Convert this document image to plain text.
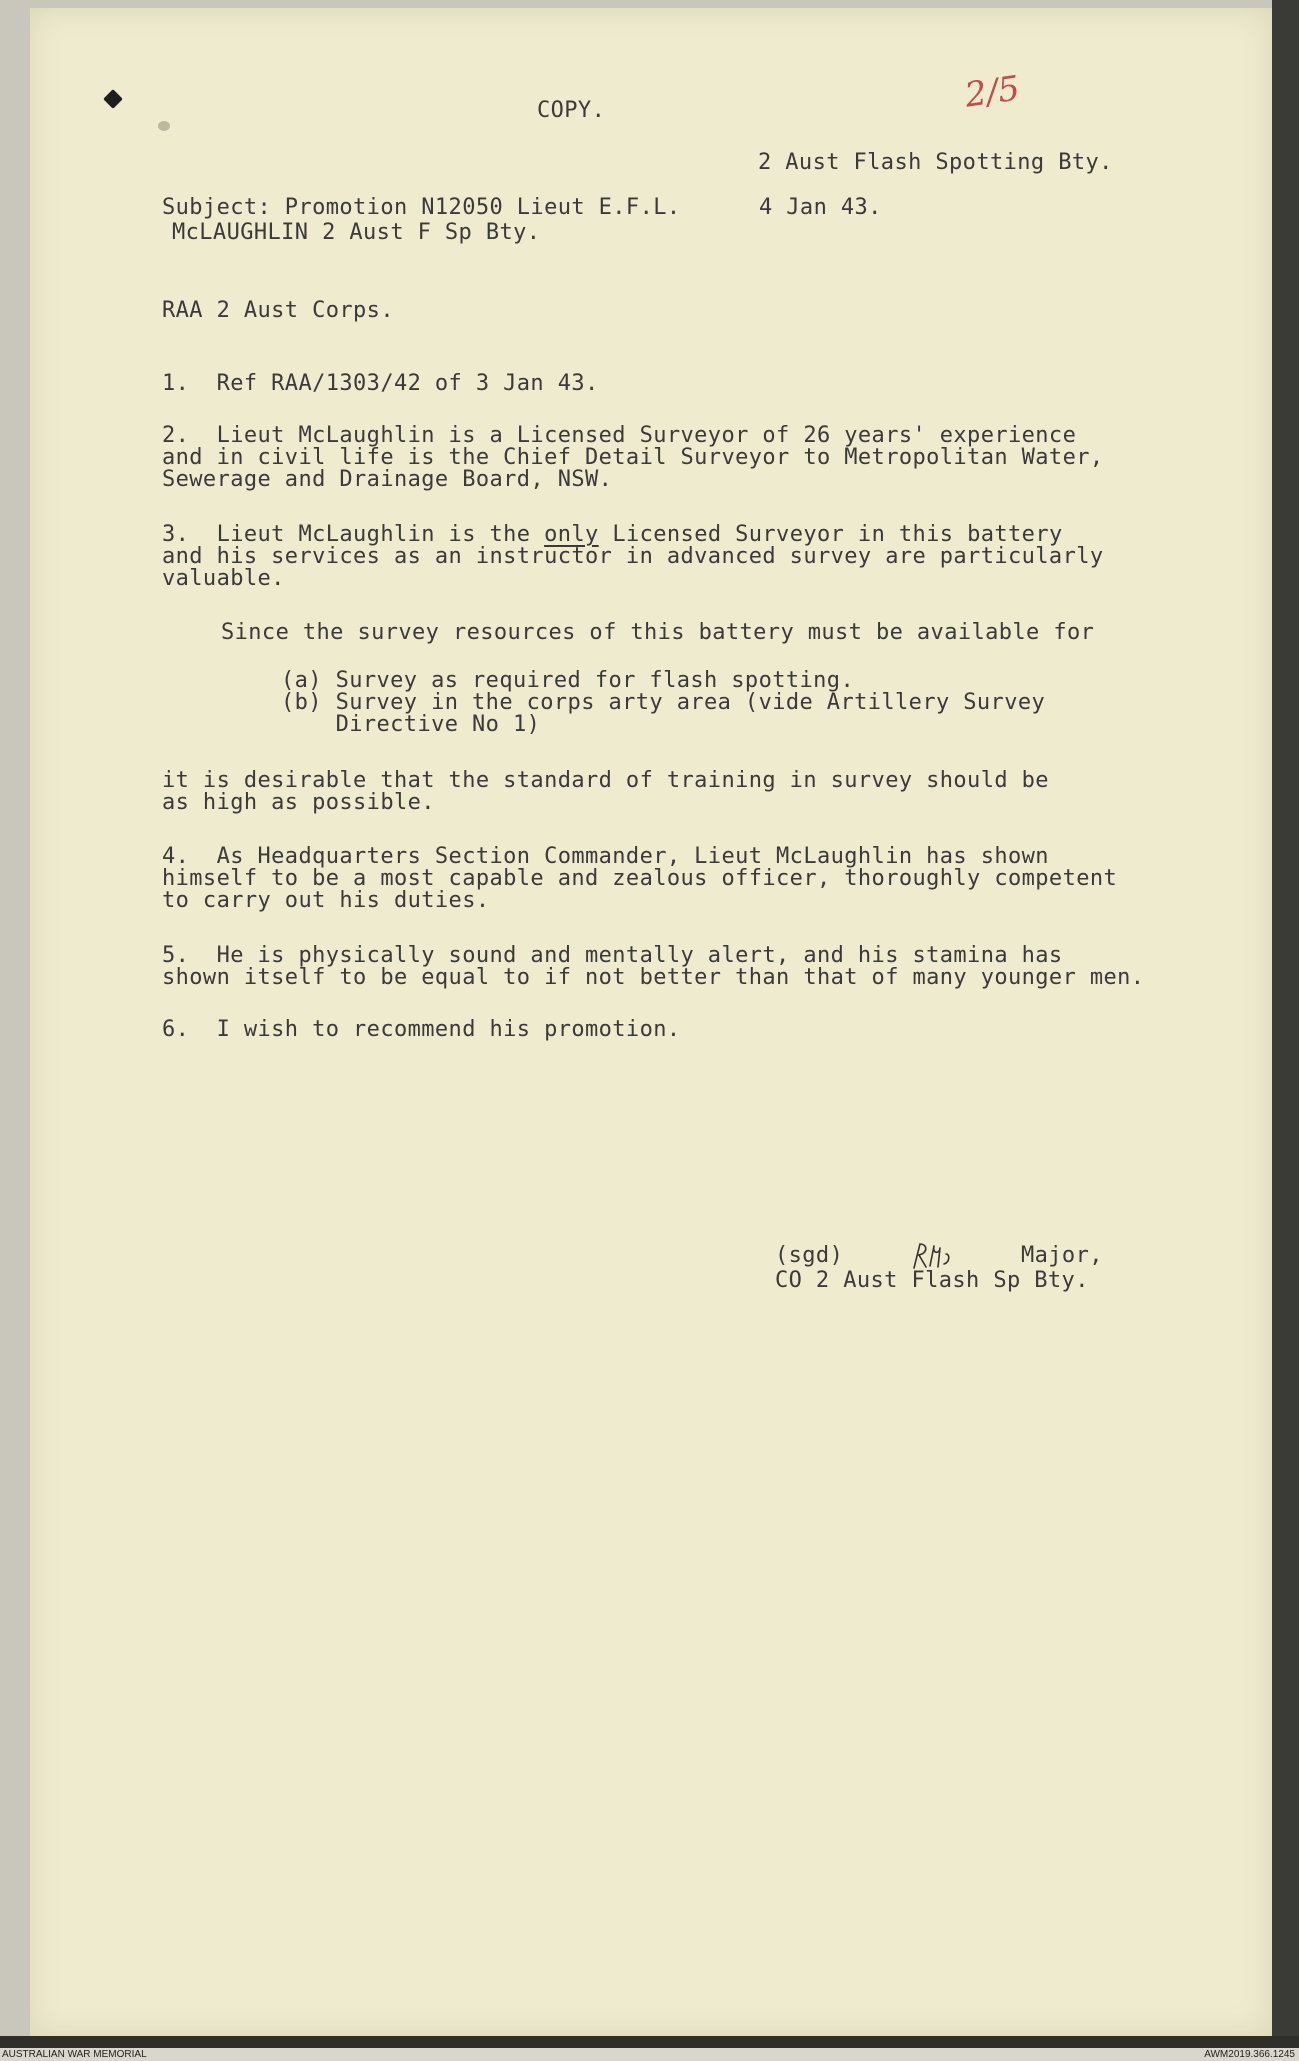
2/5
COPY.
2 Aust Flash Spotting Bty.
Subject: Promotion N12050 Lieut E.F.L.	4 Jan 43.
McLAUGHLIN 2 Aust F Sp Bty.
RAA 2 Aust Corps.
1.  Ref RAA/1303/42 of 3 Jan 43.
2.  Lieut McLaughlin is a Licensed Surveyor of 26 years' experience
and in civil life is the Chief Detail Surveyor to Metropolitan Water,
Sewerage and Drainage Board, NSW.
3.  Lieut McLaughlin is the only Licensed Surveyor in this battery
and his services as an instructor in advanced survey are particularly
valuable.
Since the survey resources of this battery must be available for
(a) Survey as required for flash spotting.
(b) Survey in the corps arty area (vide Artillery Survey
Directive No 1)
it is desirable that the standard of training in survey should be
as high as possible.
4.  As Headquarters Section Commander, Lieut McLaughlin has shown
himself to be a most capable and zealous officer, thoroughly competent
to carry out his duties.
5.  He is physically sound and mentally alert, and his stamina has
shown itself to be equal to if not better than that of many younger men.
6.  I wish to recommend his promotion.
(sgd)	Major,
CO 2 Aust Flash Sp Bty.
AUSTRALIAN WAR MEMORIAL	AWM2019.366.1245
